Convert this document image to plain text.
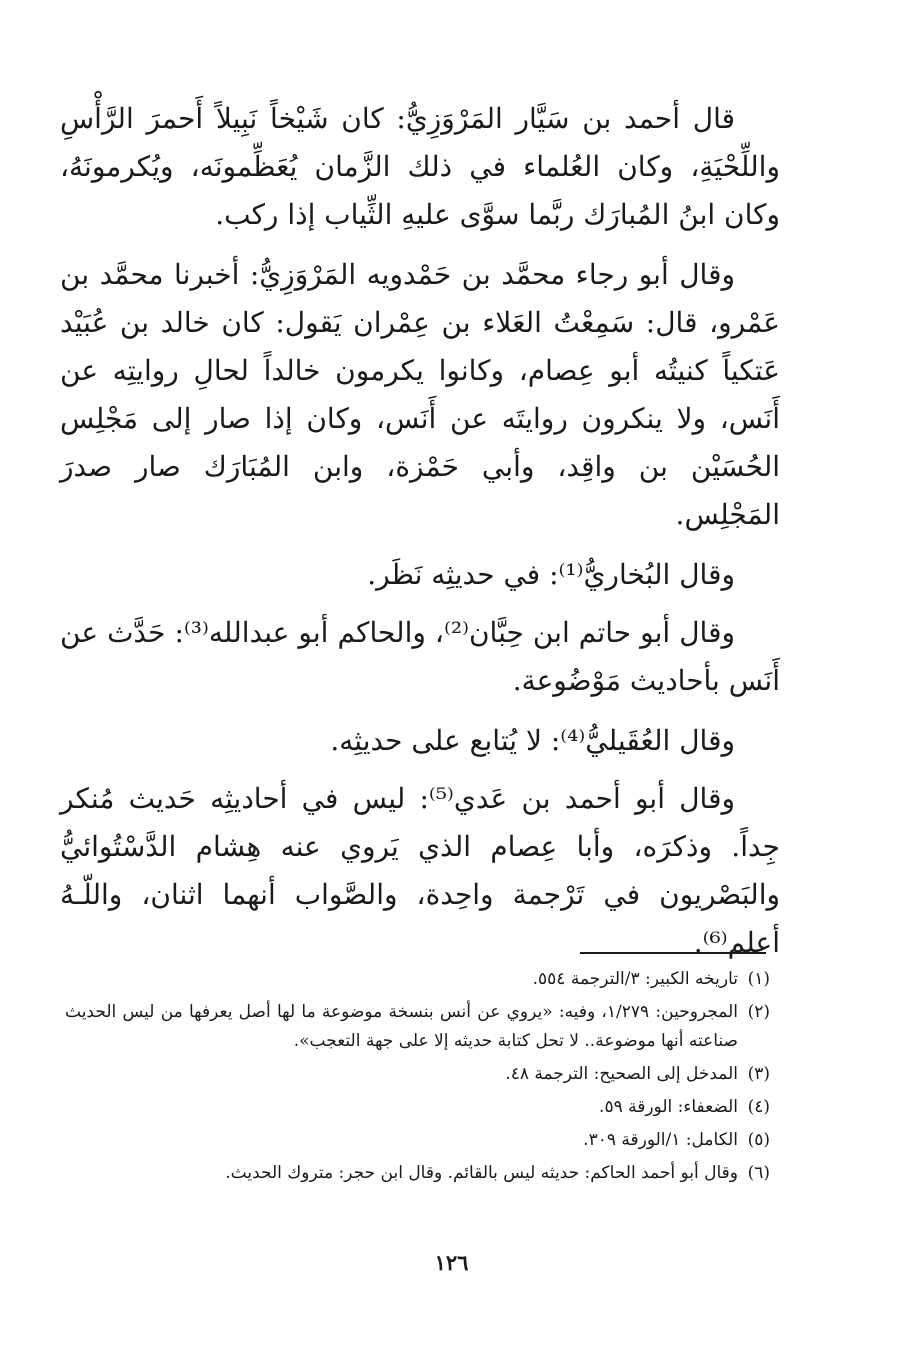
قال أحمد بن سَيَّار المَرْوَزِيُّ: كان شَيْخاً نَبِيلاً أَحمرَ الرَّأْسِ واللِّحْيَةِ، وكان العُلماء في ذلك الزَّمان يُعَظِّمونَه، ويُكرمونَهُ، وكان ابنُ المُبارَك ربَّما سوَّى عليهِ الثِّياب إذا ركب.

وقال أبو رجاء محمَّد بن حَمْدويه المَرْوَزِيُّ: أخبرنا محمَّد بن عَمْرو، قال: سَمِعْتُ العَلاء بن عِمْران يَقول: كان خالد بن عُبَيْد عَتكياً كنيتُه أبو عِصام، وكانوا يكرمون خالداً لحالِ روايتِه عن أَنَس، ولا ينكرون روايتَه عن أَنَس، وكان إذا صار إلى مَجْلِس الحُسَيْن بن واقِد، وأبي حَمْزة، وابن المُبَارَك صار صدرَ المَجْلِس.

وقال البُخاريُّ⁽¹⁾: في حديثِه نَظَر.

وقال أبو حاتم ابن حِبَّان⁽²⁾، والحاكم أبو عبدالله⁽³⁾: حَدَّث عن أَنَس بأحاديث مَوْضُوعة.

وقال العُقَيليُّ⁽⁴⁾: لا يُتابع على حديثِه.

وقال أبو أحمد بن عَدي⁽⁵⁾: ليس في أحاديثِه حَديث مُنكر جِداً. وذكرَه، وأبا عِصام الذي يَروي عنه هِشام الدَّسْتُوائيُّ والبَصْريون في تَرْجمة واحِدة، والصَّواب أنهما اثنان، واللّـهُ أعلم⁽⁶⁾.

(١)
تاريخه الكبير: ٣/الترجمة ٥٥٤.
(٢)
المجروحين: ١/٢٧٩، وفيه: «يروي عن أنس بنسخة موضوعة ما لها أصل يعرفها من ليس الحديث صناعته أنها موضوعة.. لا تحل كتابة حديثه إلا على جهة التعجب».
(٣)
المدخل إلى الصحيح: الترجمة ٤٨.
(٤)
الضعفاء: الورقة ٥٩.
(٥)
الكامل: ١/الورقة ٣٠٩.
(٦)
وقال أبو أحمد الحاكم: حديثه ليس بالقائم. وقال ابن حجر: متروك الحديث.
١٢٦
